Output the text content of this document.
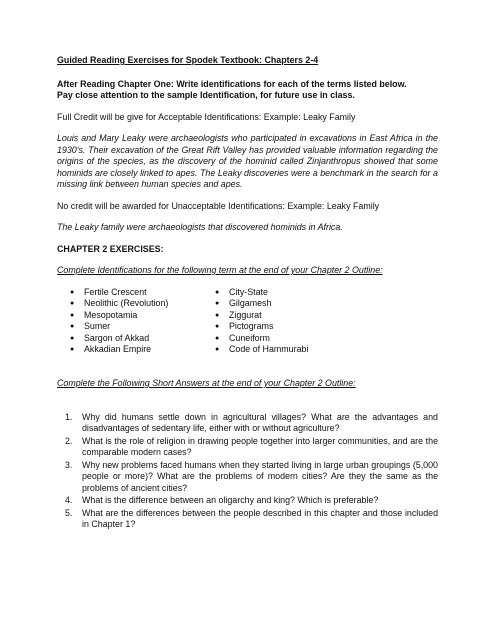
Guided Reading Exercises for Spodek Textbook: Chapters 2-4

After Reading Chapter One: Write identifications for each of the terms listed below.

Pay close attention to the sample Identification, for future use in class.

Full Credit will be give for Acceptable Identifications: Example: Leaky Family

Louis and Mary Leaky were archaeologists who participated in excavations in East Africa in the 1930's. Their excavation of the Great Rift Valley has provided valuable information regarding the origins of the species, as the discovery of the hominid called Zinjanthropus showed that some hominids are closely linked to apes. The Leaky discoveries were a benchmark in the search for a missing link between human species and apes.

No credit will be awarded for Unacceptable Identifications: Example: Leaky Family

The Leaky family were archaeologists that discovered hominids in Africa.

CHAPTER 2 EXERCISES:

Complete Identifications for the following term at the end of your Chapter 2 Outline:

●	Fertile Crescent
●	Neolithic (Revolution)
●	Mesopotamia
●	Sumer
●	Sargon of Akkad
●	Akkadian Empire
●	City-State
●	Gilgamesh
●	Ziggurat
●	Pictograms
●	Cuneiform
●	Code of Hammurabi

Complete the Following Short Answers at the end of your Chapter 2 Outline:

1.	Why did humans settle down in agricultural villages? What are the advantages and disadvantages of sedentary life, either with or without agriculture?
2.	What is the role of religion in drawing people together into larger communities, and are the comparable modern cases?
3.	Why new problems faced humans when they started living in large urban groupings (5,000 people or more)? What are the problems of modern cities? Are they the same as the problems of ancient cities?
4.	What is the difference between an oligarchy and king? Which is preferable?
5.	What are the differences between the people described in this chapter and those included in Chapter 1?
